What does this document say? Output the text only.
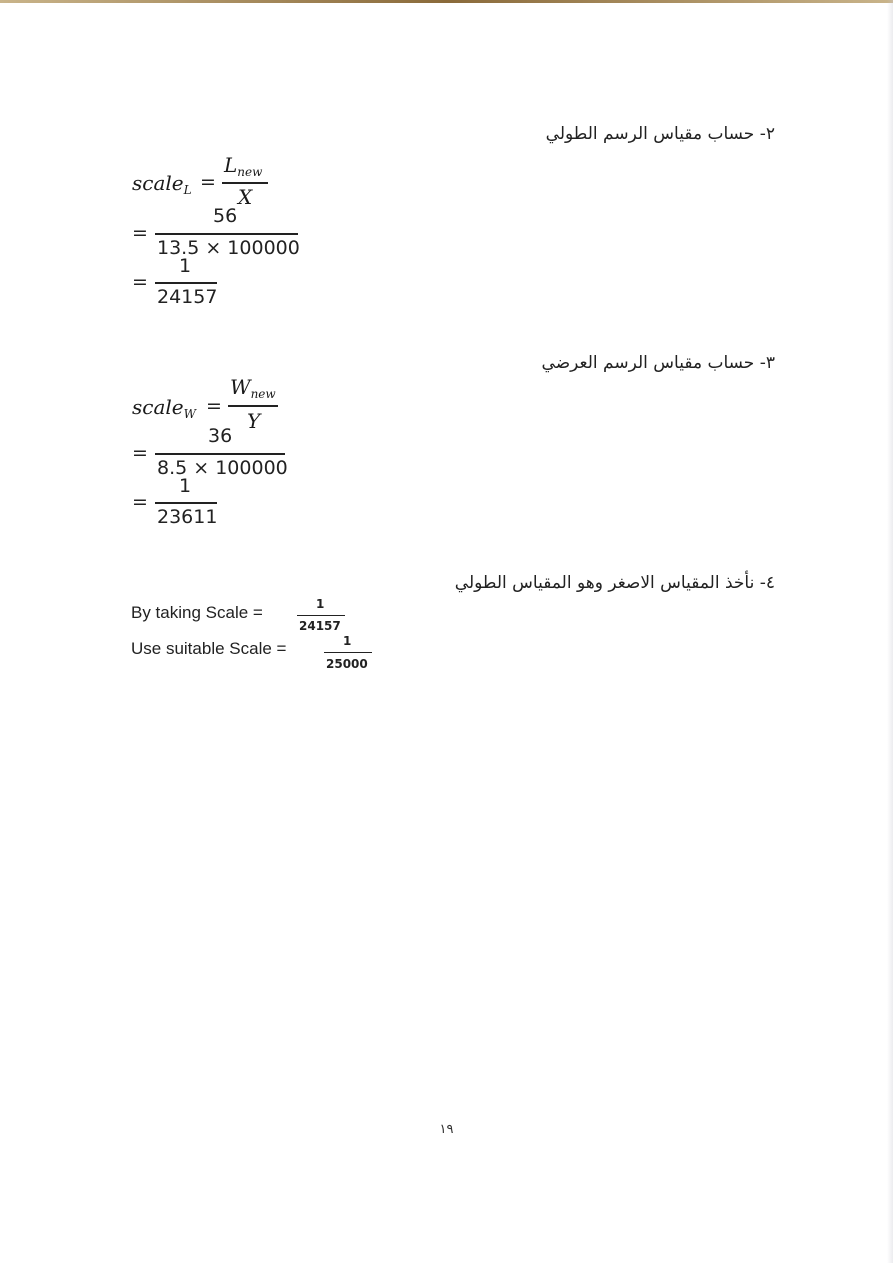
٢- حساب مقياس الرسم الطولي
scale$_L$ =
$L_{new}$
X
56
=
13.5 × 100000
1
=
24157
٣- حساب مقياس الرسم العرضي
scale$_W$ =
$W_{new}$
Y
36
=
8.5 × 100000
1
=
23611
٤- نأخذ المقياس الاصغر وهو المقياس الطولي
By taking Scale =	1
24157
Use suitable Scale =	1
25000
١٩
